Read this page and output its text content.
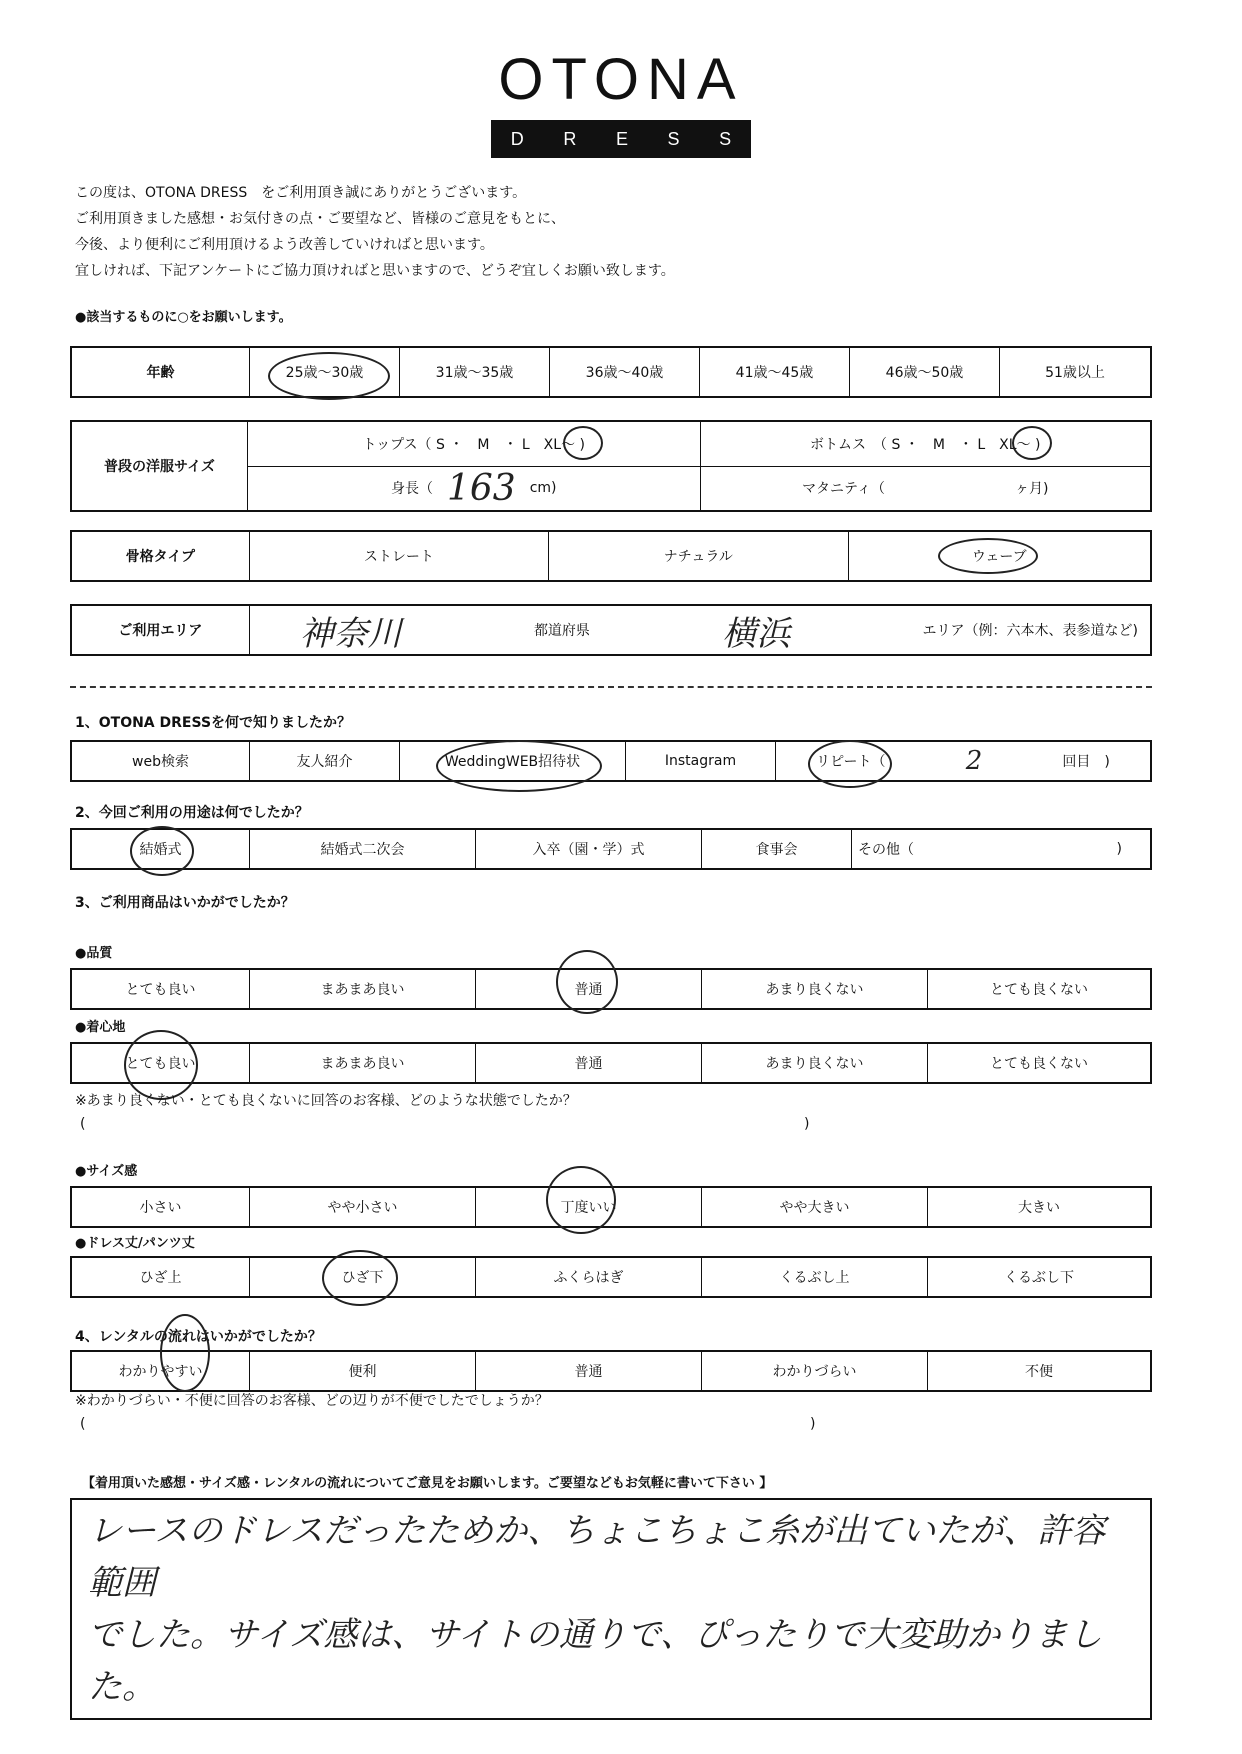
OTONA
D R E S S
この度は、OTONA DRESS　をご利用頂き誠にありがとうございます。
ご利用頂きました感想・お気付きの点・ご要望など、皆様のご意見をもとに、
今後、より便利にご利用頂けるよう改善していければと思います。
宜しければ、下記アンケートにご協力頂ければと思いますので、どうぞ宜しくお願い致します。
●該当するものに○をお願いします。
年齢	25歳～30歳	31歳～35歳	36歳～40歳	41歳～45歳	46歳～50歳	51歳以上
普段の洋服サイズ
トップス（ S ・　M　・ L　XL～ )	ボトムス　（ S ・　M　・ L　XL～ )
身長（ 163 cm)	マタニティ（	ヶ月)
骨格タイプ	ストレート	ナチュラル	ウェーブ
ご利用エリア	神奈川	都道府県	横浜	エリア（例：六本木、表参道など)
1、OTONA DRESSを何で知りましたか？
web検索	友人紹介	WeddingWEB招待状	Instagram	リピート（	2	回目　)
2、今回ご利用の用途は何でしたか？
結婚式	結婚式二次会	入卒（園・学）式	食事会	その他（	)
3、ご利用商品はいかがでしたか？
●品質
とても良い	まあまあ良い	普通	あまり良くない	とても良くない
●着心地
とても良い	まあまあ良い	普通	あまり良くない	とても良くない
※あまり良くない・とても良くないに回答のお客様、どのような状態でしたか？
(	)
●サイズ感
小さい	やや小さい	丁度いい	やや大きい	大きい
●ドレス丈/パンツ丈
ひざ上	ひざ下	ふくらはぎ	くるぶし上	くるぶし下
4、レンタルの流れはいかがでしたか？
わかりやすい	便利	普通	わかりづらい	不便
※わかりづらい・不便に回答のお客様、どの辺りが不便でしたでしょうか？
(	)
【着用頂いた感想・サイズ感・レンタルの流れについてご意見をお願いします。ご要望などもお気軽に書いて下さい 】
レースのドレスだったためか、ちょこちょこ糸が出ていたが、許容範囲
でした。サイズ感は、サイトの通りで、ぴったりで大変助かりました。
